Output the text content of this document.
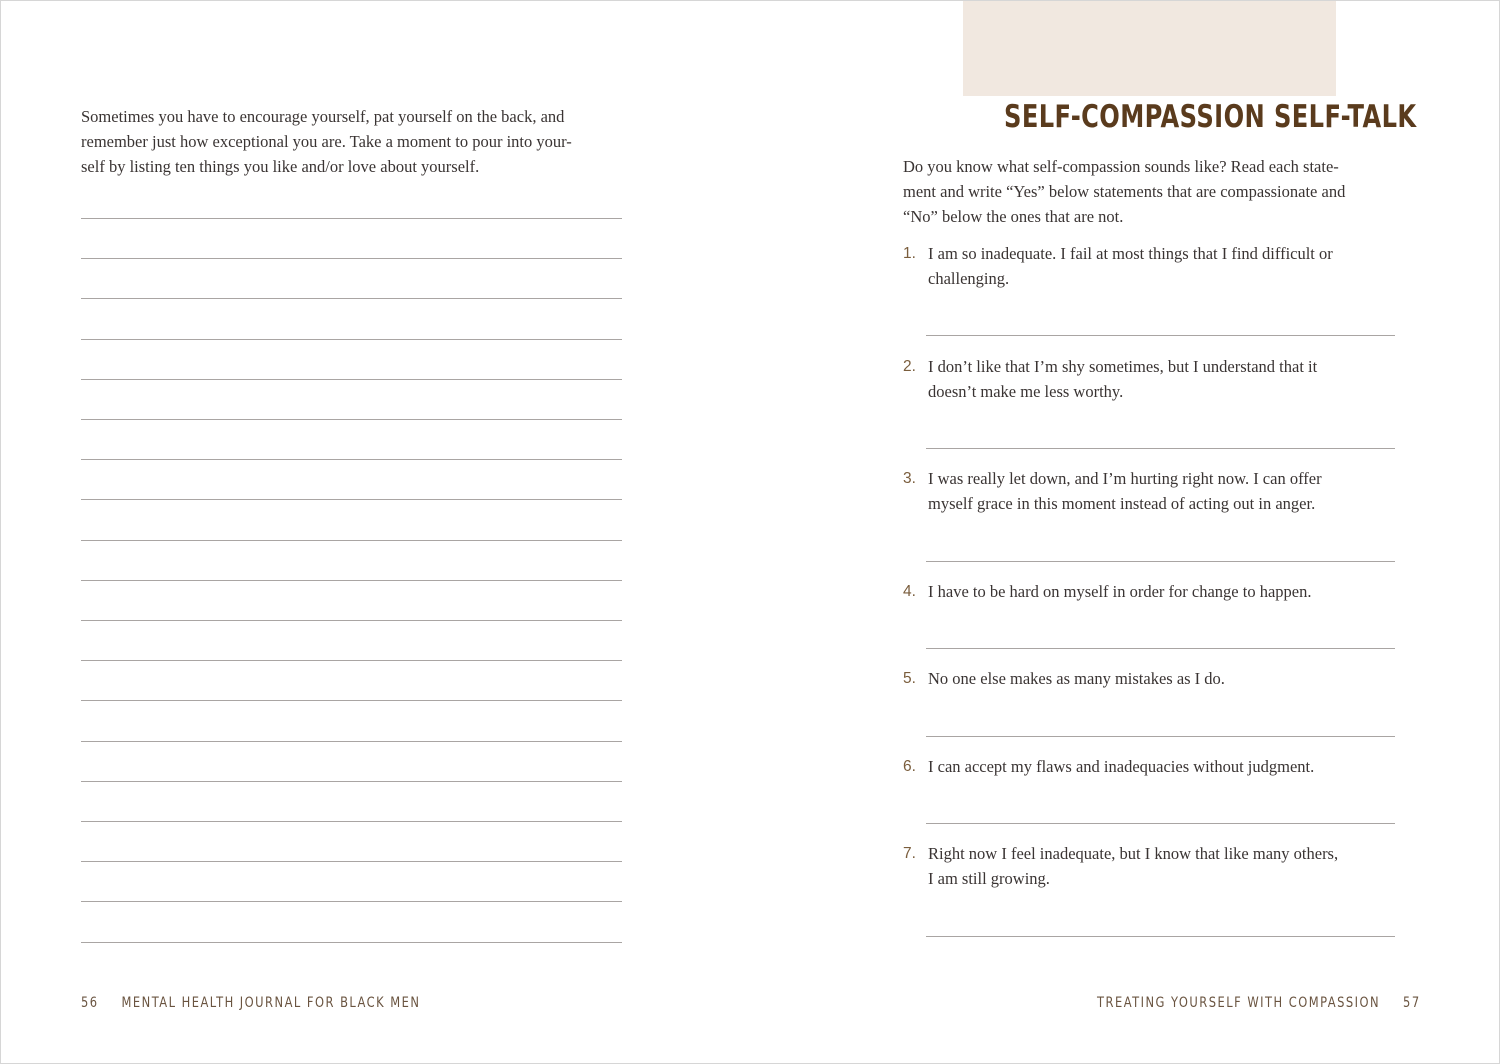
Sometimes you have to encourage yourself, pat yourself on the back, and
remember just how exceptional you are. Take a moment to pour into your-
self by listing ten things you like and/or love about yourself.
56 MENTAL HEALTH JOURNAL FOR BLACK MEN
SELF-COMPASSION SELF-TALK
Do you know what self-compassion sounds like? Read each state-
ment and write “Yes” below statements that are compassionate and
“No” below the ones that are not.
1. I am so inadequate. I fail at most things that I find difficult or
challenging.
2. I don’t like that I’m shy sometimes, but I understand that it
doesn’t make me less worthy.
3. I was really let down, and I’m hurting right now. I can offer
myself grace in this moment instead of acting out in anger.
4. I have to be hard on myself in order for change to happen.
5. No one else makes as many mistakes as I do.
6. I can accept my flaws and inadequacies without judgment.
7. Right now I feel inadequate, but I know that like many others,
I am still growing.
TREATING YOURSELF WITH COMPASSION 57
